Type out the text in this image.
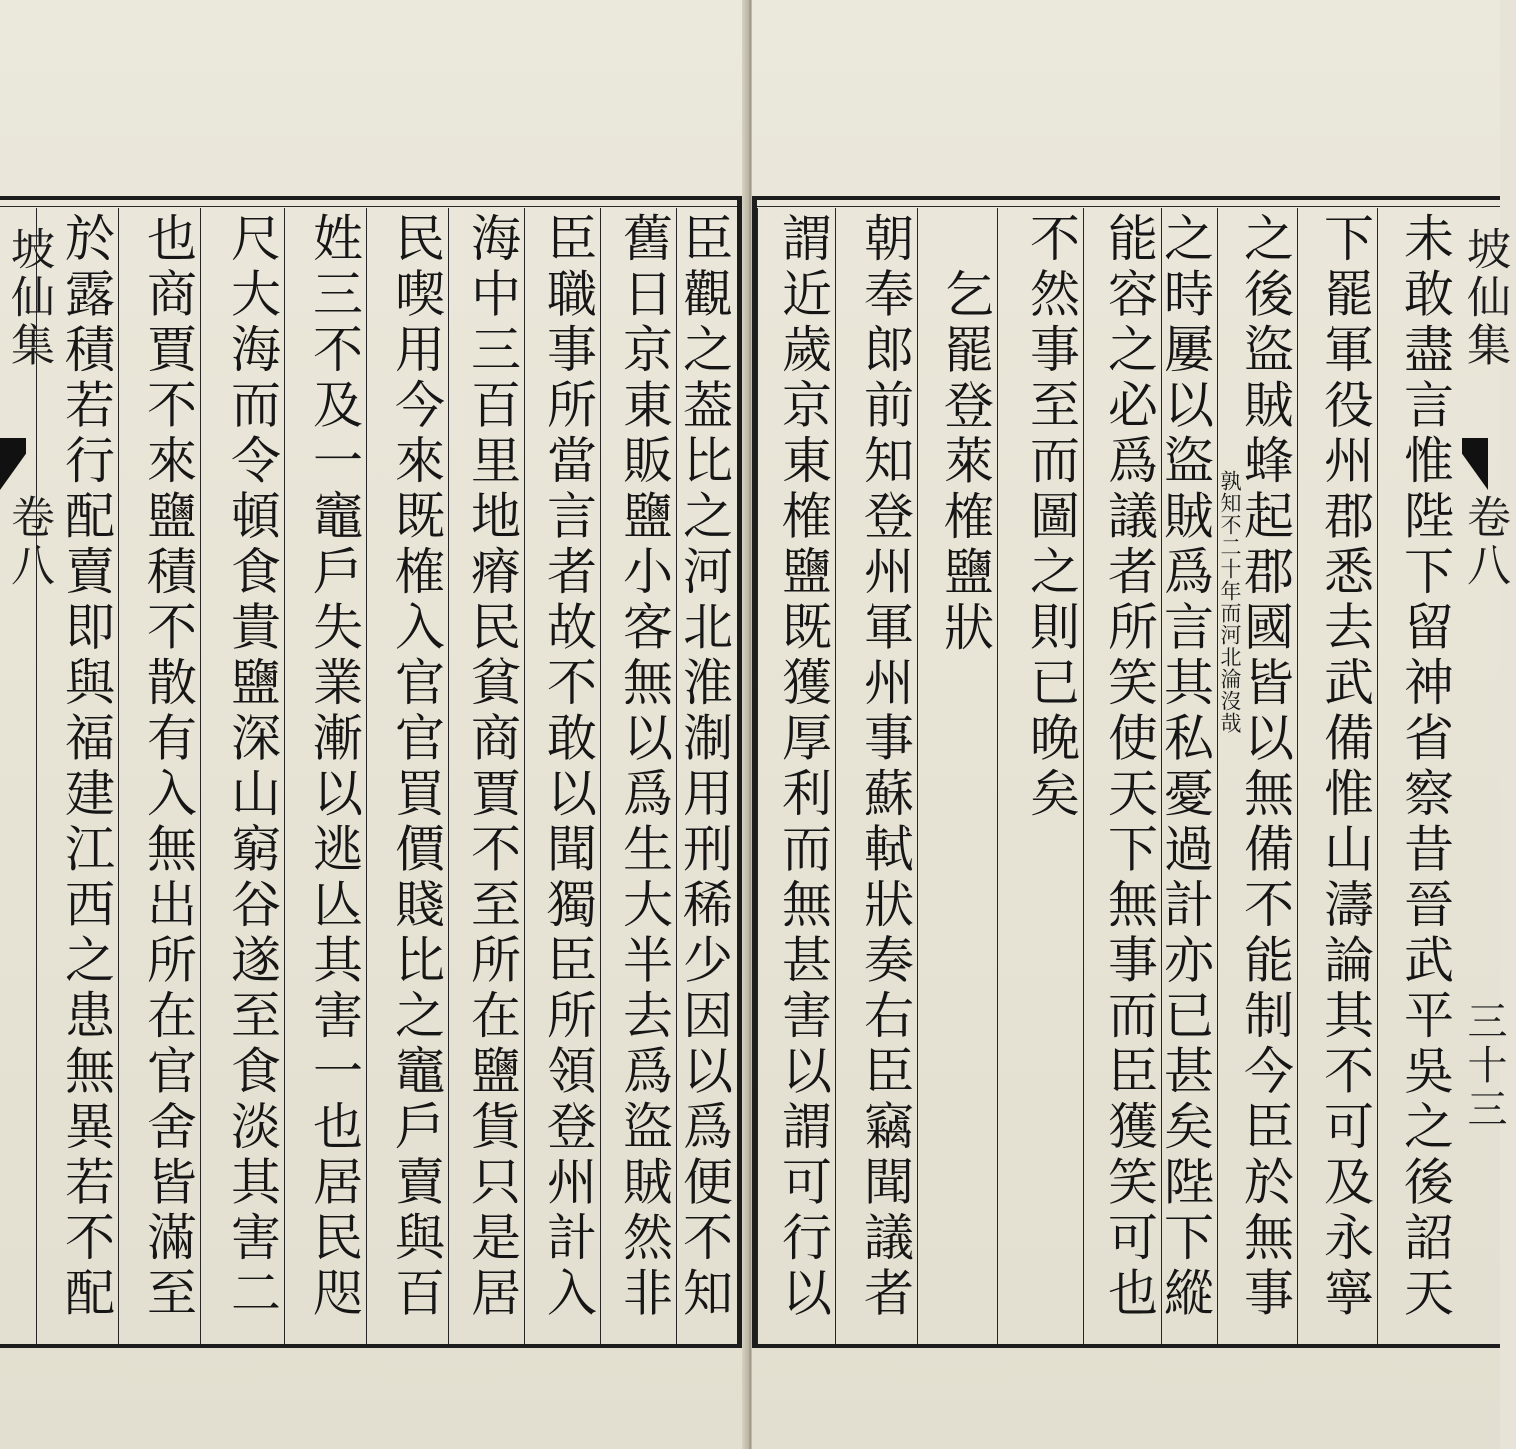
臣觀之葢比之河北淮淛用刑稀少因以爲便不知
舊日京東販鹽小客無以爲生大半去爲盜賊然非
臣職事所當言者故不敢以聞獨臣所領登州計入
海中三百里地瘠民貧商賈不至所在鹽貨只是居
民喫用今來既榷入官官買價賤比之竈戶賣與百
姓三不及一竈戶失業漸以逃亾其害一也居民咫
尺大海而令頓食貴鹽深山窮谷遂至食淡其害二
也商賈不來鹽積不散有入無出所在官舍皆滿至
於露積若行配賣即與福建江西之患無異若不配
坡仙集
卷八	未敢盡言惟陛下留神省察昔晉武平吳之後詔天
下罷軍役州郡悉去武備惟山濤論其不可及永寧
之後盜賊蜂起郡國皆以無備不能制今臣於無事
之時屢以盜賊爲言其私憂過計亦已甚矣陛下縱 孰知不二十年而河北淪沒哉
能容之必爲議者所笑使天下無事而臣獲笑可也
不然事至而圖之則已晚矣
乞罷登萊榷鹽狀
朝奉郎前知登州軍州事蘇軾狀奏右臣竊聞議者
謂近歲京東榷鹽既獲厚利而無甚害以謂可行以	坡仙集
卷八
三十三
